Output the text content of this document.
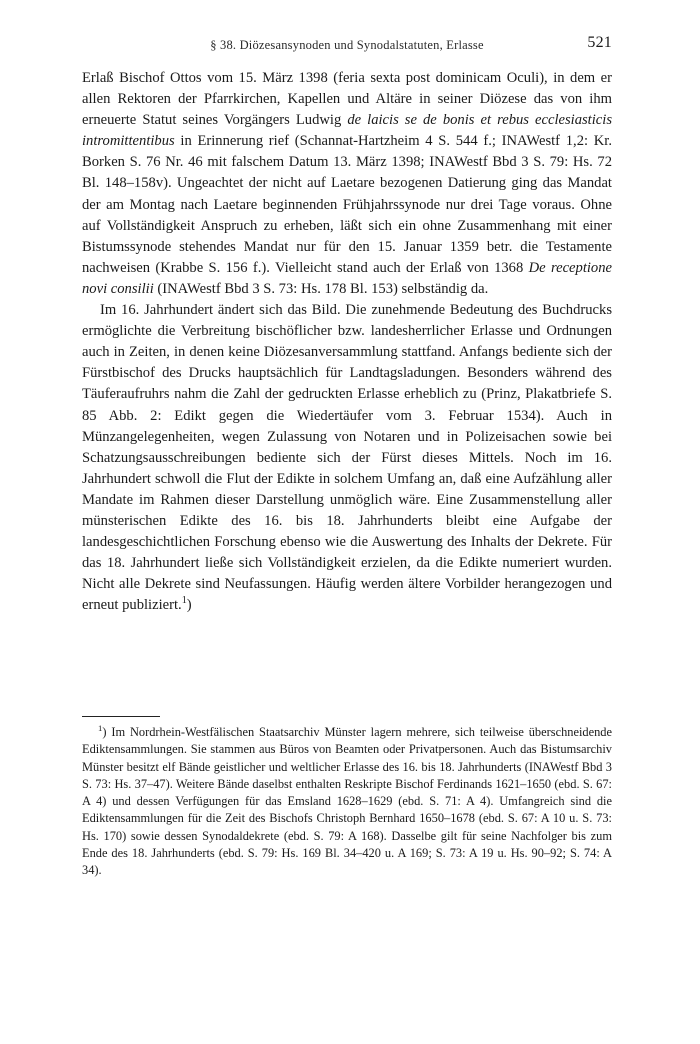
§ 38. Diözesansynoden und Synodalstatuten, Erlasse	521

Erlaß Bischof Ottos vom 15. März 1398 (feria sexta post dominicam Oculi), in dem er allen Rektoren der Pfarrkirchen, Kapellen und Altäre in seiner Diözese das von ihm erneuerte Statut seines Vorgängers Ludwig de laicis se de bonis et rebus ecclesiasticis intromittentibus in Erinnerung rief (Schannat-Hartzheim 4 S. 544 f.; INAWestf 1,2: Kr. Borken S. 76 Nr. 46 mit falschem Datum 13. März 1398; INAWestf Bbd 3 S. 79: Hs. 72 Bl. 148–158v). Ungeachtet der nicht auf Laetare bezogenen Datierung ging das Mandat der am Montag nach Laetare beginnenden Frühjahrssynode nur drei Tage voraus. Ohne auf Vollständigkeit Anspruch zu erheben, läßt sich ein ohne Zusammenhang mit einer Bistumssynode stehendes Mandat nur für den 15. Januar 1359 betr. die Testamente nachweisen (Krabbe S. 156 f.). Vielleicht stand auch der Erlaß von 1368 De receptione novi consilii (INAWestf Bbd 3 S. 73: Hs. 178 Bl. 153) selbständig da.

Im 16. Jahrhundert ändert sich das Bild. Die zunehmende Bedeutung des Buchdrucks ermöglichte die Verbreitung bischöflicher bzw. landesherrlicher Erlasse und Ordnungen auch in Zeiten, in denen keine Diözesanversammlung stattfand. Anfangs bediente sich der Fürstbischof des Drucks hauptsächlich für Landtagsladungen. Besonders während des Täuferaufruhrs nahm die Zahl der gedruckten Erlasse erheblich zu (Prinz, Plakatbriefe S. 85 Abb. 2: Edikt gegen die Wiedertäufer vom 3. Februar 1534). Auch in Münzangelegenheiten, wegen Zulassung von Notaren und in Polizeisachen sowie bei Schatzungsausschreibungen bediente sich der Fürst dieses Mittels. Noch im 16. Jahrhundert schwoll die Flut der Edikte in solchem Umfang an, daß eine Aufzählung aller Mandate im Rahmen dieser Darstellung unmöglich wäre. Eine Zusammenstellung aller münsterischen Edikte des 16. bis 18. Jahrhunderts bleibt eine Aufgabe der landesgeschichtlichen Forschung ebenso wie die Auswertung des Inhalts der Dekrete. Für das 18. Jahrhundert ließe sich Vollständigkeit erzielen, da die Edikte numeriert wurden. Nicht alle Dekrete sind Neufassungen. Häufig werden ältere Vorbilder herangezogen und erneut publiziert.$^1$)

$^1$) Im Nordrhein-Westfälischen Staatsarchiv Münster lagern mehrere, sich teilweise überschneidende Ediktensammlungen. Sie stammen aus Büros von Beamten oder Privatpersonen. Auch das Bistumsarchiv Münster besitzt elf Bände geistlicher und weltlicher Erlasse des 16. bis 18. Jahrhunderts (INAWestf Bbd 3 S. 73: Hs. 37–47). Weitere Bände daselbst enthalten Reskripte Bischof Ferdinands 1621–1650 (ebd. S. 67: A 4) und dessen Verfügungen für das Emsland 1628–1629 (ebd. S. 71: A 4). Umfangreich sind die Ediktensammlungen für die Zeit des Bischofs Christoph Bernhard 1650–1678 (ebd. S. 67: A 10 u. S. 73: Hs. 170) sowie dessen Synodaldekrete (ebd. S. 79: A 168). Dasselbe gilt für seine Nachfolger bis zum Ende des 18. Jahrhunderts (ebd. S. 79: Hs. 169 Bl. 34–420 u. A 169; S. 73: A 19 u. Hs. 90–92; S. 74: A 34).
